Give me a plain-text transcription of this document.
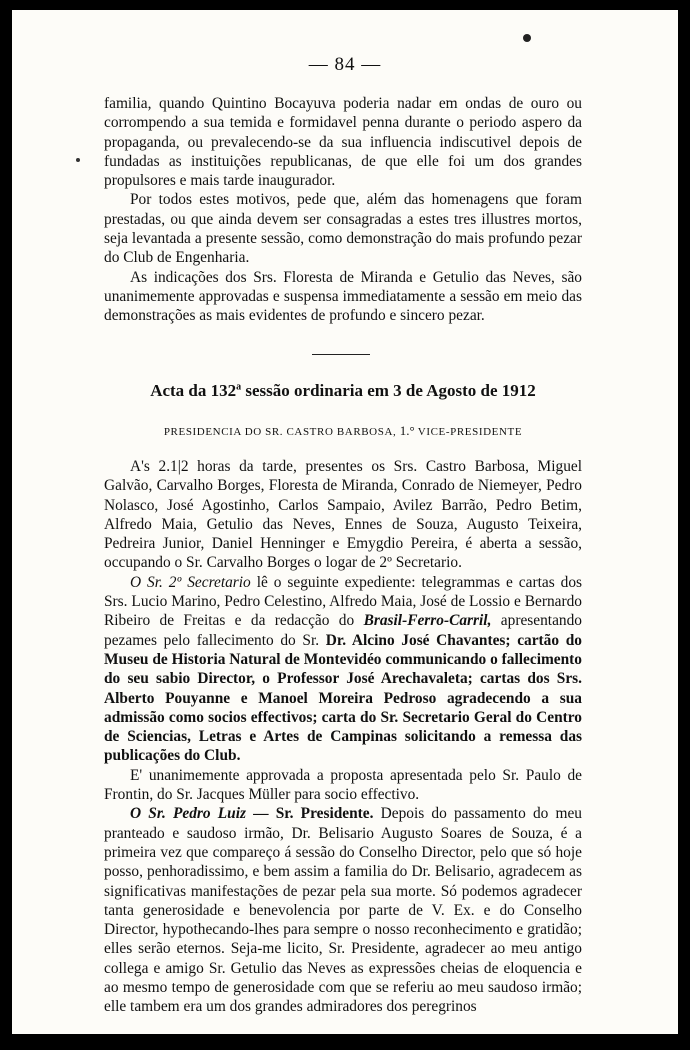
— 84 —

familia, quando Quintino Bocayuva poderia nadar em ondas de ouro ou corrompendo a sua temida e formidavel penna durante o periodo aspero da propaganda, ou prevalecendo-se da sua influencia indiscutivel depois de fundadas as instituições republicanas, de que elle foi um dos grandes propulsores e mais tarde inaugurador.

Por todos estes motivos, pede que, além das homenagens que foram prestadas, ou que ainda devem ser consagradas a estes tres illustres mortos, seja levantada a presente sessão, como demonstração do mais profundo pezar do Club de Engenharia.

As indicações dos Srs. Floresta de Miranda e Getulio das Neves, são unanimemente approvadas e suspensa immediatamente a sessão em meio das demonstrações as mais evidentes de profundo e sincero pezar.

Acta da 132$^a$ sessão ordinaria em 3 de Agosto de 1912
PRESIDENCIA DO SR. CASTRO BARBOSA, 1.° VICE-PRESIDENTE

A's 2.1|2 horas da tarde, presentes os Srs. Castro Barbosa, Miguel Galvão, Carvalho Borges, Floresta de Miranda, Conrado de Niemeyer, Pedro Nolasco, José Agostinho, Carlos Sampaio, Avilez Barrão, Pedro Betim, Alfredo Maia, Getulio das Neves, Ennes de Souza, Augusto Teixeira, Pedreira Junior, Daniel Henninger e Emygdio Pereira, é aberta a sessão, occupando o Sr. Carvalho Borges o logar de 2º Secretario.

O Sr. 2º Secretario lê o seguinte expediente: telegrammas e cartas dos Srs. Lucio Marino, Pedro Celestino, Alfredo Maia, José de Lossio e Bernardo Ribeiro de Freitas e da redacção do Brasil-Ferro-Carril, apresentando pezames pelo fallecimento do Sr. Dr. Alcino José Chavantes; cartão do Museu de Historia Natural de Montevidéo communicando o fallecimento do seu sabio Director, o Professor José Arechavaleta; cartas dos Srs. Alberto Pouyanne e Manoel Moreira Pedroso agradecendo a sua admissão como socios effectivos; carta do Sr. Secretario Geral do Centro de Sciencias, Letras e Artes de Campinas solicitando a remessa das publicações do Club.

E' unanimemente approvada a proposta apresentada pelo Sr. Paulo de Frontin, do Sr. Jacques Müller para socio effectivo.

O Sr. Pedro Luiz — Sr. Presidente. Depois do passamento do meu pranteado e saudoso irmão, Dr. Belisario Augusto Soares de Souza, é a primeira vez que compareço á sessão do Conselho Director, pelo que só hoje posso, penhoradissimo, e bem assim a familia do Dr. Belisario, agradecem as significativas manifestações de pezar pela sua morte. Só podemos agradecer tanta generosidade e benevolencia por parte de V. Ex. e do Conselho Director, hypothecando-lhes para sempre o nosso reconhecimento e gratidão; elles serão eternos. Seja-me licito, Sr. Presidente, agradecer ao meu antigo collega e amigo Sr. Getulio das Neves as expressões cheias de eloquencia e ao mesmo tempo de generosidade com que se referiu ao meu saudoso irmão; elle tambem era um dos grandes admiradores dos peregrinos
